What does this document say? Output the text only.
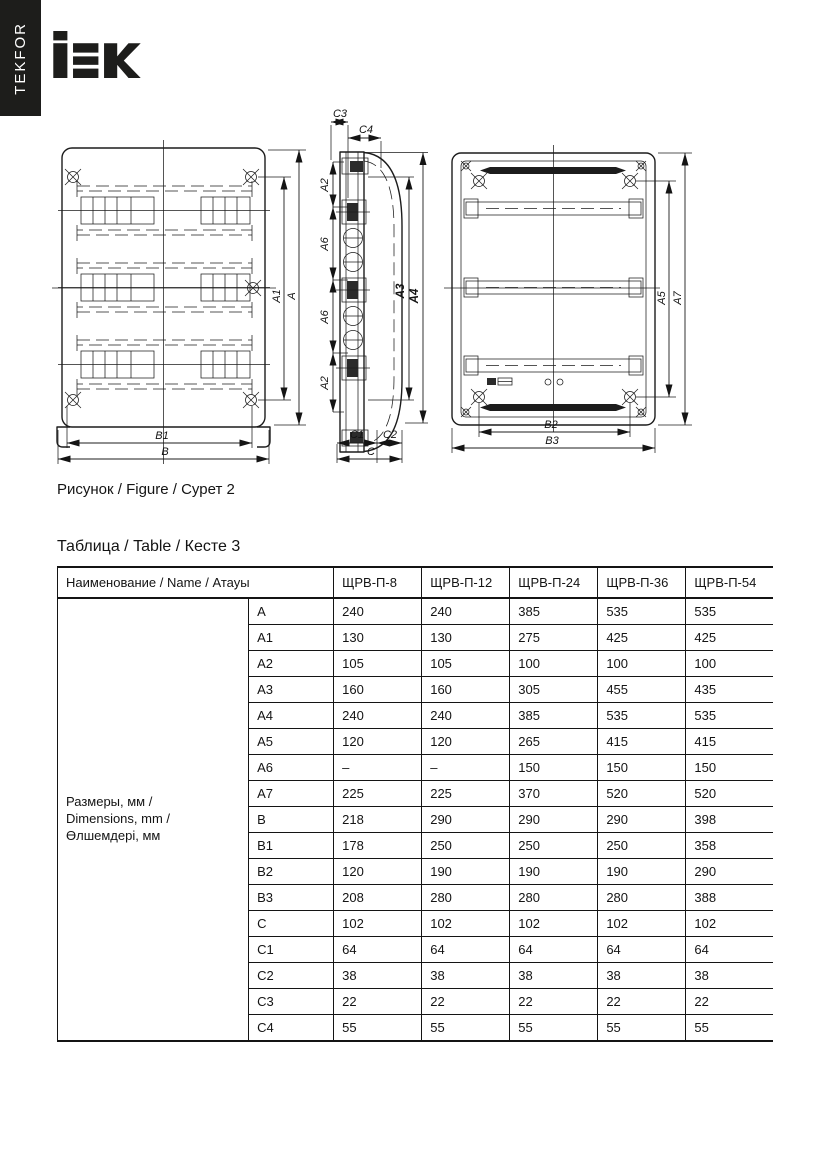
A1 A
B1
B
C3
C4
A2
A6
A6
A2
A3 A4
C1 C2
C
A5 A7
B2
B3
TEKFOR
Рисунок / Figure / Сурет 2
Таблица / Table / Кесте 3
Наименование / Name / Атауы		ЩРВ-П-8	ЩРВ-П-12	ЩРВ-П-24	ЩРВ-П-36	ЩРВ-П-54

Размеры, мм /
Dimensions, mm /
Өлшемдері, мм	A	240	240	385	535	535
	A1	130	130	275	425	425
	A2	105	105	100	100	100
	A3	160	160	305	455	435
	A4	240	240	385	535	535
	A5	120	120	265	415	415
	A6	–	–	150	150	150
	A7	225	225	370	520	520
	B	218	290	290	290	398
	B1	178	250	250	250	358
	B2	120	190	190	190	290
	B3	208	280	280	280	388
	C	102	102	102	102	102
	C1	64	64	64	64	64
	C2	38	38	38	38	38
	C3	22	22	22	22	22
	C4	55	55	55	55	55
